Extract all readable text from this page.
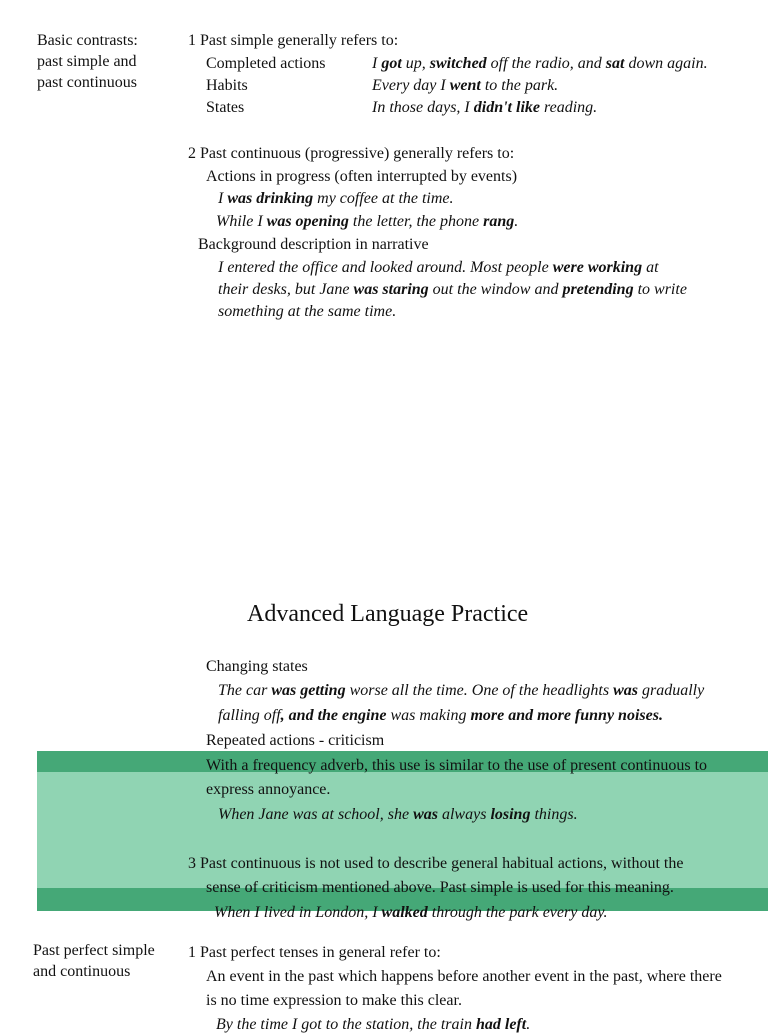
Basic contrasts: past simple and past continuous
1 Past simple generally refers to:
Completed actions	I got up, switched off the radio, and sat down again.
Habits	Every day I went to the park.
States	In those days, I didn't like reading.
2 Past continuous (progressive) generally refers to:
Actions in progress (often interrupted by events)
I was drinking my coffee at the time.
While I was opening the letter, the phone rang.
Background description in narrative
I entered the office and looked around. Most people were working at
their desks, but Jane was staring out the window and pretending to write
something at the same time.
Advanced Language Practice
Changing states
The car was getting worse all the time. One of the headlights was gradually
falling off, and the engine was making more and more funny noises.
Repeated actions - criticism
With a frequency adverb, this use is similar to the use of present continuous to
express annoyance.
When Jane was at school, she was always losing things.
3 Past continuous is not used to describe general habitual actions, without the
sense of criticism mentioned above. Past simple is used for this meaning.
When I lived in London, I walked through the park every day.
Past perfect simple and continuous
1 Past perfect tenses in general refer to:
An event in the past which happens before another event in the past, where there
is no time expression to make this clear.
By the time I got to the station, the train had left.
